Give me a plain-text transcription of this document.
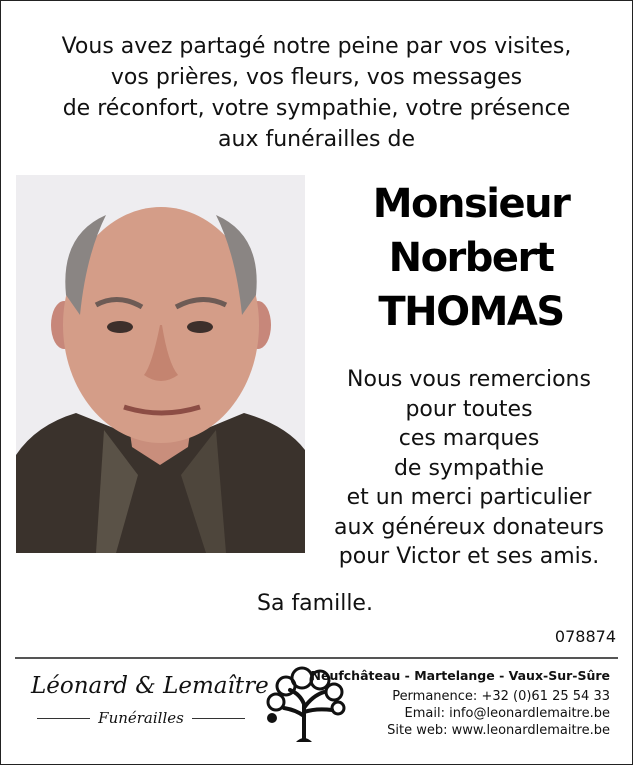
Vous avez partagé notre peine par vos visites,
vos prières, vos fleurs, vos messages
de réconfort, votre sympathie, votre présence
aux funérailles de
Monsieur
Norbert
THOMAS
Nous vous remercions
pour toutes
ces marques
de sympathie
et un merci particulier
aux généreux donateurs
pour Victor et ses amis.
Sa famille.
078874
Léonard & Lemaître
Funérailles
Neufchâteau - Martelange - Vaux-Sur-Sûre
Permanence: +32 (0)61 25 54 33
Email: info@leonardlemaitre.be
Site web: www.leonardlemaitre.be
